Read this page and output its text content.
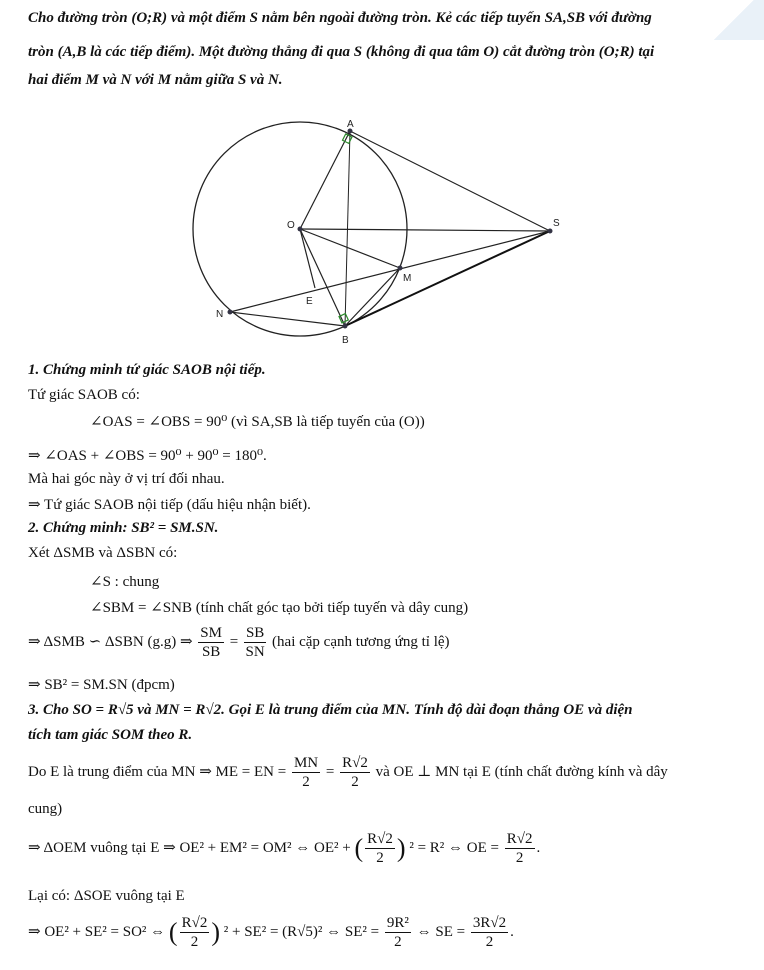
Cho đường tròn (O;R) và một điểm S nằm bên ngoài đường tròn. Kẻ các tiếp tuyến SA,SB với đường
tròn (A,B là các tiếp điểm). Một đường thẳng đi qua S (không đi qua tâm O) cắt đường tròn (O;R) tại
hai điểm M và N với M nằm giữa S và N.
A
O	S
M
E
N
B
1. Chứng minh tứ giác SAOB nội tiếp.
Tứ giác SAOB có:
∠OAS = ∠OBS = 90⁰ (vì SA,SB là tiếp tuyến của (O))
⇒ ∠OAS + ∠OBS = 90⁰ + 90⁰ = 180⁰.
Mà hai góc này ở vị trí đối nhau.
⇒ Tứ giác SAOB nội tiếp (dấu hiệu nhận biết).
2. Chứng minh: SB² = SM.SN.
Xét ΔSMB và ΔSBN có:
∠S : chung
∠SBM = ∠SNB (tính chất góc tạo bởi tiếp tuyến và dây cung)
⇒ ΔSMB ∽ ΔSBN (g.g) ⇒ $\frac{SM}{SB} = \frac{SB}{SN} (hai$ cặp cạnh tương ứng tỉ lệ)
⇒ SB² = SM.SN (đpcm)
3. Cho SO = R√5 và MN = R√2. Gọi E là trung điểm của MN. Tính độ dài đoạn thẳng OE và diện
tích tam giác SOM theo R.
Do E là trung điểm của MN ⇒ ME = EN = $\frac{MN}{2} = \frac{R√2}{2}$ và OE ⊥ MN tại E (tính chất đường kính và dây
cung)
⇒ ΔOEM vuông tại E ⇒ OE² + EM² = OM² ⇔ OE² + ( $\frac{R√2}{2}$ ) ² = R² ⇔ OE = $\frac{R√2}{2}$ .
Lại có: ΔSOE vuông tại E
⇒ OE² + SE² = SO² ⇔ ( $\frac{R√2}{2}$ ) ² + SE² = (R√5)² ⇔ $SE^2 = \frac{\text{9R²}}{2}$ ⇔ SE = $\frac{3R√2}{2}$ .
